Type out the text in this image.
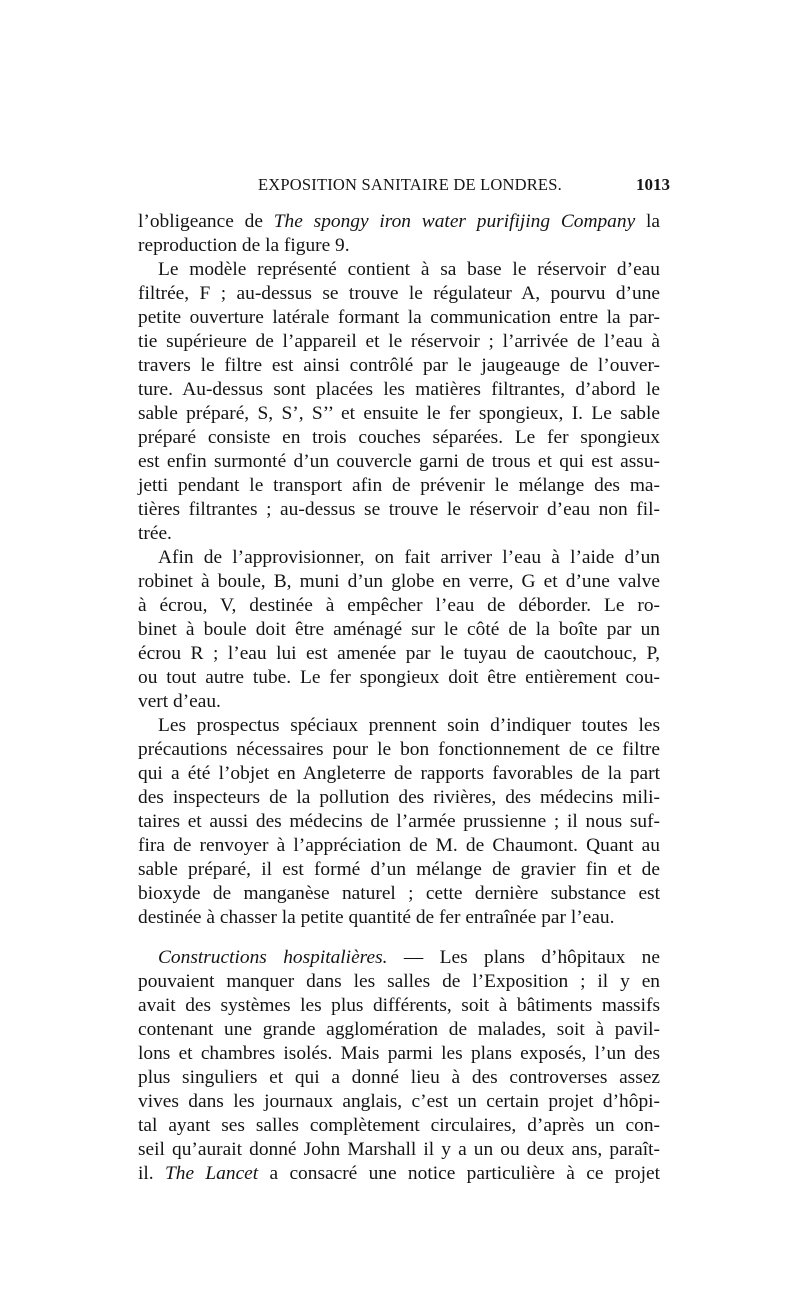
EXPOSITION SANITAIRE DE LONDRES.	1013
l’obligeance de The spongy iron water purifijing Company la
reproduction de la figure 9.
Le modèle représenté contient à sa base le réservoir d’eau
filtrée, F ; au-dessus se trouve le régulateur A, pourvu d’une
petite ouverture latérale formant la communication entre la par-
tie supérieure de l’appareil et le réservoir ; l’arrivée de l’eau à
travers le filtre est ainsi contrôlé par le jaugeauge de l’ouver-
ture. Au-dessus sont placées les matières filtrantes, d’abord le
sable préparé, S, S’, S’’ et ensuite le fer spongieux, I. Le sable
préparé consiste en trois couches séparées. Le fer spongieux
est enfin surmonté d’un couvercle garni de trous et qui est assu-
jetti pendant le transport afin de prévenir le mélange des ma-
tières filtrantes ; au-dessus se trouve le réservoir d’eau non fil-
trée.
Afin de l’approvisionner, on fait arriver l’eau à l’aide d’un
robinet à boule, B, muni d’un globe en verre, G et d’une valve
à écrou, V, destinée à empêcher l’eau de déborder. Le ro-
binet à boule doit être aménagé sur le côté de la boîte par un
écrou R ; l’eau lui est amenée par le tuyau de caoutchouc, P,
ou tout autre tube. Le fer spongieux doit être entièrement cou-
vert d’eau.
Les prospectus spéciaux prennent soin d’indiquer toutes les
précautions nécessaires pour le bon fonctionnement de ce filtre
qui a été l’objet en Angleterre de rapports favorables de la part
des inspecteurs de la pollution des rivières, des médecins mili-
taires et aussi des médecins de l’armée prussienne ; il nous suf-
fira de renvoyer à l’appréciation de M. de Chaumont. Quant au
sable préparé, il est formé d’un mélange de gravier fin et de
bioxyde de manganèse naturel ; cette dernière substance est
destinée à chasser la petite quantité de fer entraînée par l’eau.
Constructions hospitalières. — Les plans d’hôpitaux ne
pouvaient manquer dans les salles de l’Exposition ; il y en
avait des systèmes les plus différents, soit à bâtiments massifs
contenant une grande agglomération de malades, soit à pavil-
lons et chambres isolés. Mais parmi les plans exposés, l’un des
plus singuliers et qui a donné lieu à des controverses assez
vives dans les journaux anglais, c’est un certain projet d’hôpi-
tal ayant ses salles complètement circulaires, d’après un con-
seil qu’aurait donné John Marshall il y a un ou deux ans, paraît-
il. The Lancet a consacré une notice particulière à ce projet
